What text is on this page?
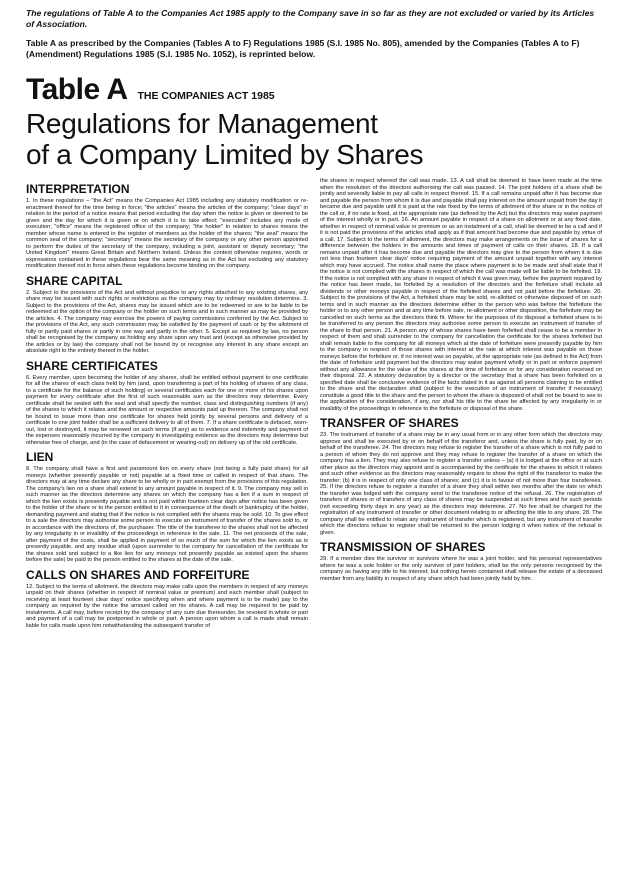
The regulations of Table A to the Companies Act 1985 apply to the Company save in so far as they are not excluded or varied by its Articles of Association.

Table A as prescribed by the Companies (Tables A to F) Regulations 1985 (S.I. 1985 No. 805), amended by the Companies (Tables A to F) (Amendment) Regulations 1985 (S.I. 1985 No. 1052), is reprinted below.

Table A THE COMPANIES ACT 1985
Regulations for Management
of a Company Limited by Shares
INTERPRETATION

1. In these regulations – "the Act" means the Companies Act 1985 including any statutory modification or re-enactment thereof for the time being in force; "the articles" means the articles of the company; "clear days" in relation to the period of a notice means that period excluding the day when the notice is given or deemed to be given and the day for which it is given or on which it is to take effect; "executed" includes any mode of execution; "office" means the registered office of the company; "the holder" in relation to shares means the member whose name is entered in the register of members as the holder of the shares; "the seal" means the common seal of the company; "secretary" means the secretary of the company or any other person appointed to perform the duties of the secretary of the company, including a joint, assistant or deputy secretary; "the United Kingdom" means Great Britain and Northern Ireland. Unless the context otherwise requires, words or expressions contained in these regulations bear the same meaning as in the Act but excluding any statutory modification thereof not in force when these regulations become binding on the company.

SHARE CAPITAL

2. Subject to the provisions of the Act and without prejudice to any rights attached to any existing shares, any share may be issued with such rights or restrictions as the company may by ordinary resolution determine. 3. Subject to the provisions of the Act, shares may be issued which are to be redeemed or are to be liable to be redeemed at the option of the company or the holder on such terms and in such manner as may be provided by the articles. 4. The company may exercise the powers of paying commissions conferred by the Act. Subject to the provisions of the Act, any such commission may be satisfied by the payment of cash or by the allotment of fully or partly paid shares or partly in one way and partly in the other. 5. Except as required by law, no person shall be recognised by the company as holding any share upon any trust and (except as otherwise provided by the articles or by law) the company shall not be bound by or recognise any interest in any share except an absolute right to the entirety thereof in the holder.

SHARE CERTIFICATES

6. Every member, upon becoming the holder of any shares, shall be entitled without payment to one certificate for all the shares of each class held by him (and, upon transferring a part of his holding of shares of any class, to a certificate for the balance of such holding) or several certificates each for one or more of his shares upon payment for every certificate after the first of such reasonable sum as the directors may determine. Every certificate shall be sealed with the seal and shall specify the number, class and distinguishing numbers (if any) of the shares to which it relates and the amount or respective amounts paid up thereon. The company shall not be bound to issue more than one certificate for shares held jointly by several persons and delivery of a certificate to one joint holder shall be a sufficient delivery to all of them. 7. If a share certificate is defaced, worn-out, lost or destroyed, it may be renewed on such terms (if any) as to evidence and indemnity and payment of the expenses reasonably incurred by the company in investigating evidence as the directors may determine but otherwise free of charge, and (in the case of defacement or wearing-out) on delivery up of the old certificate.

LIEN

8. The company shall have a first and paramount lien on every share (not being a fully paid share) for all moneys (whether presently payable or not) payable at a fixed time or called in respect of that share. The directors may at any time declare any share to be wholly or in part exempt from the provisions of this regulation. The company's lien on a share shall extend to any amount payable in respect of it. 9. The company may sell in such manner as the directors determine any shares on which the company has a lien if a sum in respect of which the lien exists is presently payable and is not paid within fourteen clear days after notice has been given to the holder of the share or to the person entitled to it in consequence of the death or bankruptcy of the holder, demanding payment and stating that if the notice is not complied with the shares may be sold. 10. To give effect to a sale the directors may authorise some person to execute an instrument of transfer of the shares sold to, or in accordance with the directions of, the purchaser. The title of the transferee to the shares shall not be affected by any irregularity in or invalidity of the proceedings in reference to the sale. 11. The net proceeds of the sale, after payment of the costs, shall be applied in payment of so much of the sum for which the lien exists as is presently payable, and any residue shall (upon surrender to the company for cancellation of the certificate for the shares sold and subject to a like lien for any moneys not presently payable as existed upon the shares before the sale) be paid to the person entitled to the shares at the date of the sale.

CALLS ON SHARES AND FORFEITURE

12. Subject to the terms of allotment, the directors may make calls upon the members in respect of any moneys unpaid on their shares (whether in respect of nominal value or premium) and each member shall (subject to receiving at least fourteen clear days' notice specifying when and where payment is to be made) pay to the company as required by the notice the amount called on his shares. A call may be required to be paid by instalments. A call may, before receipt by the company of any sum due thereunder, be revoked in whole or part and payment of a call may be postponed in whole or part. A person upon whom a call is made shall remain liable for calls made upon him notwithstanding the subsequent transfer of

the shares in respect whereof the call was made. 13. A call shall be deemed to have been made at the time when the resolution of the directors authorising the call was passed. 14. The joint holders of a share shall be jointly and severally liable to pay all calls in respect thereof. 15. If a call remains unpaid after it has become due and payable the person from whom it is due and payable shall pay interest on the amount unpaid from the day it became due and payable until it is paid at the rate fixed by the terms of allotment of the share or in the notice of the call or, if no rate is fixed, at the appropriate rate (as defined by the Act) but the directors may waive payment of the interest wholly or in part. 16. An amount payable in respect of a share on allotment or at any fixed date, whether in respect of nominal value or premium or as an instalment of a call, shall be deemed to be a call and if it is not paid the provisions of the articles shall apply as if that amount had become due and payable by virtue of a call. 17. Subject to the terms of allotment, the directors may make arrangements on the issue of shares for a difference between the holders in the amounts and times of payment of calls on their shares. 18. If a call remains unpaid after it has become due and payable the directors may give to the person from whom it is due not less than fourteen clear days' notice requiring payment of the amount unpaid together with any interest which may have accrued. The notice shall name the place where payment is to be made and shall state that if the notice is not complied with the shares in respect of which the call was made will be liable to be forfeited. 19. If the notice is not complied with any share in respect of which it was given may, before the payment required by the notice has been made, be forfeited by a resolution of the directors and the forfeiture shall include all dividends or other moneys payable in respect of the forfeited shares and not paid before the forfeiture. 20. Subject to the provisions of the Act, a forfeited share may be sold, re-allotted or otherwise disposed of on such terms and in such manner as the directors determine either to the person who was before the forfeiture the holder or to any other person and at any time before sale, re-allotment or other disposition, the forfeiture may be cancelled on such terms as the directors think fit. Where for the purposes of its disposal a forfeited share is to be transferred to any person the directors may authorise some person to execute an instrument of transfer of the share to that person. 21. A person any of whose shares have been forfeited shall cease to be a member in respect of them and shall surrender to the company for cancellation the certificate for the shares forfeited but shall remain liable to the company for all moneys which at the date of forfeiture were presently payable by him to the company in respect of those shares with interest at the rate at which interest was payable on those moneys before the forfeiture or, if no interest was so payable, at the appropriate rate (as defined in the Act) from the date of forfeiture until payment but the directors may waive payment wholly or in part or enforce payment without any allowance for the value of the shares at the time of forfeiture or for any consideration received on their disposal. 22. A statutory declaration by a director or the secretary that a share has been forfeited on a specified date shall be conclusive evidence of the facts stated in it as against all persons claiming to be entitled to the share and the declaration shall (subject to the execution of an instrument of transfer if necessary) constitute a good title to the share and the person to whom the share is disposed of shall not be bound to see to the application of the consideration, if any, nor shall his title to the share be affected by any irregularity in or invalidity of the proceedings in reference to the forfeiture or disposal of the share.

TRANSFER OF SHARES

23. The instrument of transfer of a share may be in any usual form or in any other form which the directors may approve and shall be executed by or on behalf of the transferor and, unless the share is fully paid, by or on behalf of the transferee. 24. The directors may refuse to register the transfer of a share which is not fully paid to a person of whom they do not approve and they may refuse to register the transfer of a share on which the company has a lien. They may also refuse to register a transfer unless – (a) it is lodged at the office or at such other place as the directors may appoint and is accompanied by the certificate for the shares to which it relates and such other evidence as the directors may reasonably require to show the right of the transferor to make the transfer; (b) it is in respect of only one class of shares; and (c) it is in favour of not more than four transferees. 25. If the directors refuse to register a transfer of a share they shall within two months after the date on which the transfer was lodged with the company send to the transferee notice of the refusal. 26. The registration of transfers of shares or of transfers of any class of shares may be suspended at such times and for such periods (not exceeding thirty days in any year) as the directors may determine. 27. No fee shall be charged for the registration of any instrument of transfer or other document relating to or affecting the title to any share. 28. The company shall be entitled to retain any instrument of transfer which is registered, but any instrument of transfer which the directors refuse to register shall be returned to the person lodging it when notice of the refusal is given.

TRANSMISSION OF SHARES

29. If a member dies the survivor or survivors where he was a joint holder, and his personal representatives where he was a sole holder or the only survivor of joint holders, shall be the only persons recognised by the company as having any title to his interest; but nothing herein contained shall release the estate of a deceased member from any liability in respect of any share which had been jointly held by him.
